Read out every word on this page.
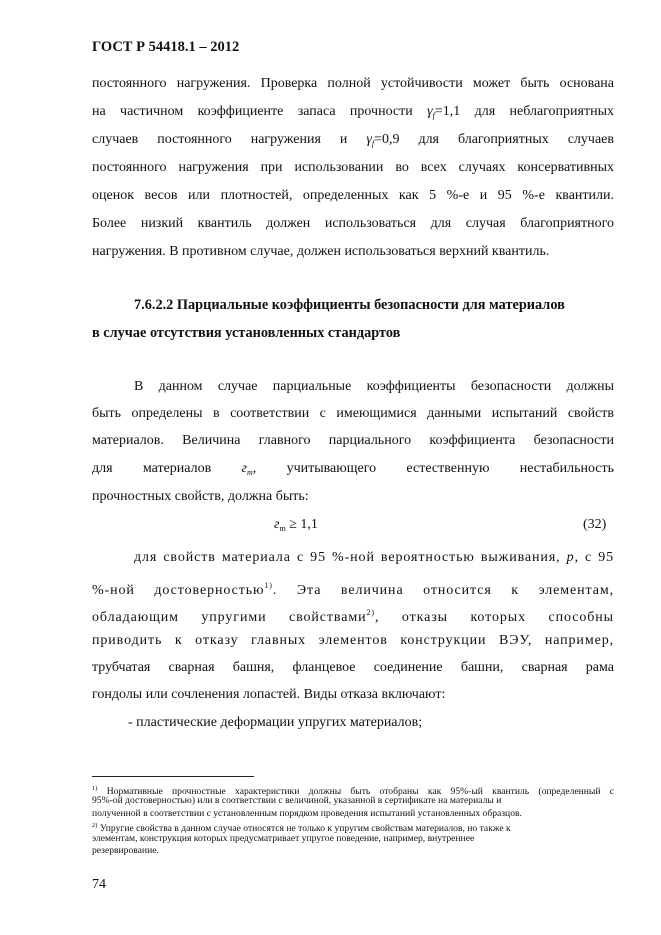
ГОСТ Р 54418.1 – 2012
постоянного нагружения. Проверка полной устойчивости может быть основана
на частичном коэффициенте запаса прочности $\gamma_f=1,1$ для неблагоприятных
случаев постоянного нагружения и $\gamma_f=0,9$ для благоприятных случаев
постоянного нагружения при использовании во всех случаях консервативных
оценок весов или плотностей, определенных как 5 %-е и 95 %-е квантили.
Более низкий квантиль должен использоваться для случая благоприятного
нагружения. В противном случае, должен использоваться верхний квантиль.
7.6.2.2 Парциальные коэффициенты безопасности для материалов
в случае отсутствия установленных стандартов
В данном случае парциальные коэффициенты безопасности должны
быть определены в соответствии с имеющимися данными испытаний свойств
материалов. Величина главного парциального коэффициента безопасности
для материалов $г_m$, учитывающего естественную нестабильность
прочностных свойств, должна быть:
$г_m \ge 1,1$	(32)
для свойств материала с 95 %-ной вероятностью выживания, p, с 95
%-ной достоверностью$^{1)}$. Эта величина относится к элементам,
обладающим упругими свойствами$^{2)}$, отказы которых способны
приводить к отказу главных элементов конструкции ВЭУ, например,
трубчатая сварная башня, фланцевое соединение башни, сварная рама
гондолы или сочленения лопастей. Виды отказа включают:
- пластические деформации упругих материалов;
$^{1)}$ Нормативные прочностные характеристики должны быть отобраны как 95%-ый квантиль (определенный с
95%-ой достоверностью) или в соответствии с величиной, указанной в сертификате на материалы и
полученной в соответствии с установленным порядком проведения испытаний установленных образцов.
$^{2)}$ Упругие свойства в данном случае относятся не только к упругим свойствам материалов, но также к
элементам, конструкция которых предусматривает упругое поведение, например, внутреннее
резервирование.
74
